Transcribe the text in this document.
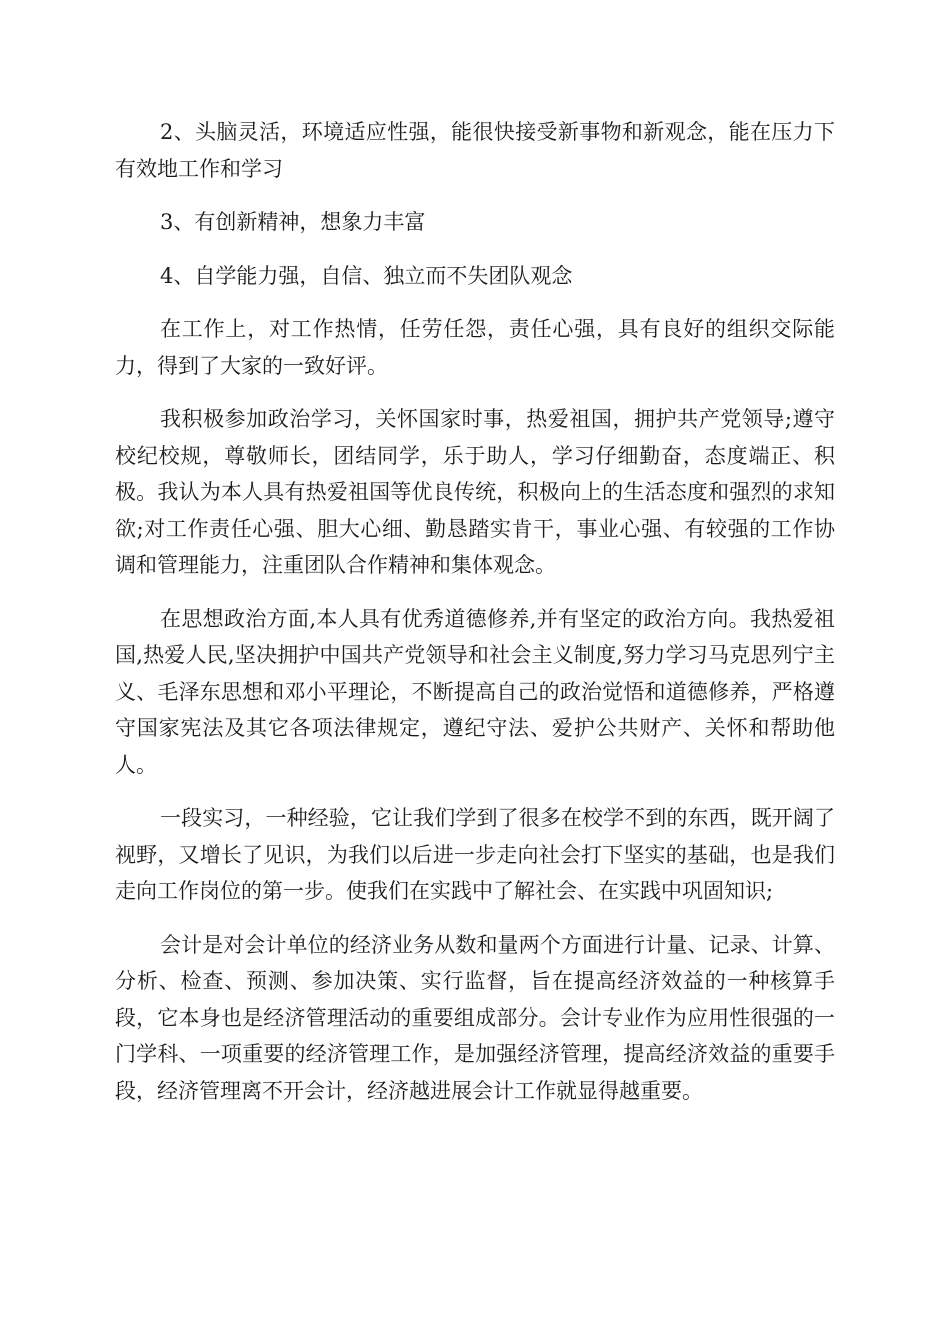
2、头脑灵活，环境适应性强，能很快接受新事物和新观念，能在压力下有效地工作和学习

3、有创新精神，想象力丰富

4、自学能力强，自信、独立而不失团队观念

在工作上，对工作热情，任劳任怨，责任心强，具有良好的组织交际能力，得到了大家的一致好评。

我积极参加政治学习，关怀国家时事，热爱祖国，拥护共产党领导;遵守校纪校规，尊敬师长，团结同学，乐于助人，学习仔细勤奋，态度端正、积极。我认为本人具有热爱祖国等优良传统，积极向上的生活态度和强烈的求知欲;对工作责任心强、胆大心细、勤恳踏实肯干，事业心强、有较强的工作协调和管理能力，注重团队合作精神和集体观念。

在思想政治方面,本人具有优秀道德修养,并有坚定的政治方向。我热爱祖国,热爱人民,坚决拥护中国共产党领导和社会主义制度,努力学习马克思列宁主义、毛泽东思想和邓小平理论，不断提高自己的政治觉悟和道德修养，严格遵守国家宪法及其它各项法律规定，遵纪守法、爱护公共财产、关怀和帮助他人。

一段实习，一种经验，它让我们学到了很多在校学不到的东西，既开阔了视野，又增长了见识，为我们以后进一步走向社会打下坚实的基础，也是我们走向工作岗位的第一步。使我们在实践中了解社会、在实践中巩固知识;

会计是对会计单位的经济业务从数和量两个方面进行计量、记录、计算、分析、检查、预测、参加决策、实行监督，旨在提高经济效益的一种核算手段，它本身也是经济管理活动的重要组成部分。会计专业作为应用性很强的一门学科、一项重要的经济管理工作，是加强经济管理，提高经济效益的重要手段，经济管理离不开会计，经济越进展会计工作就显得越重要。
